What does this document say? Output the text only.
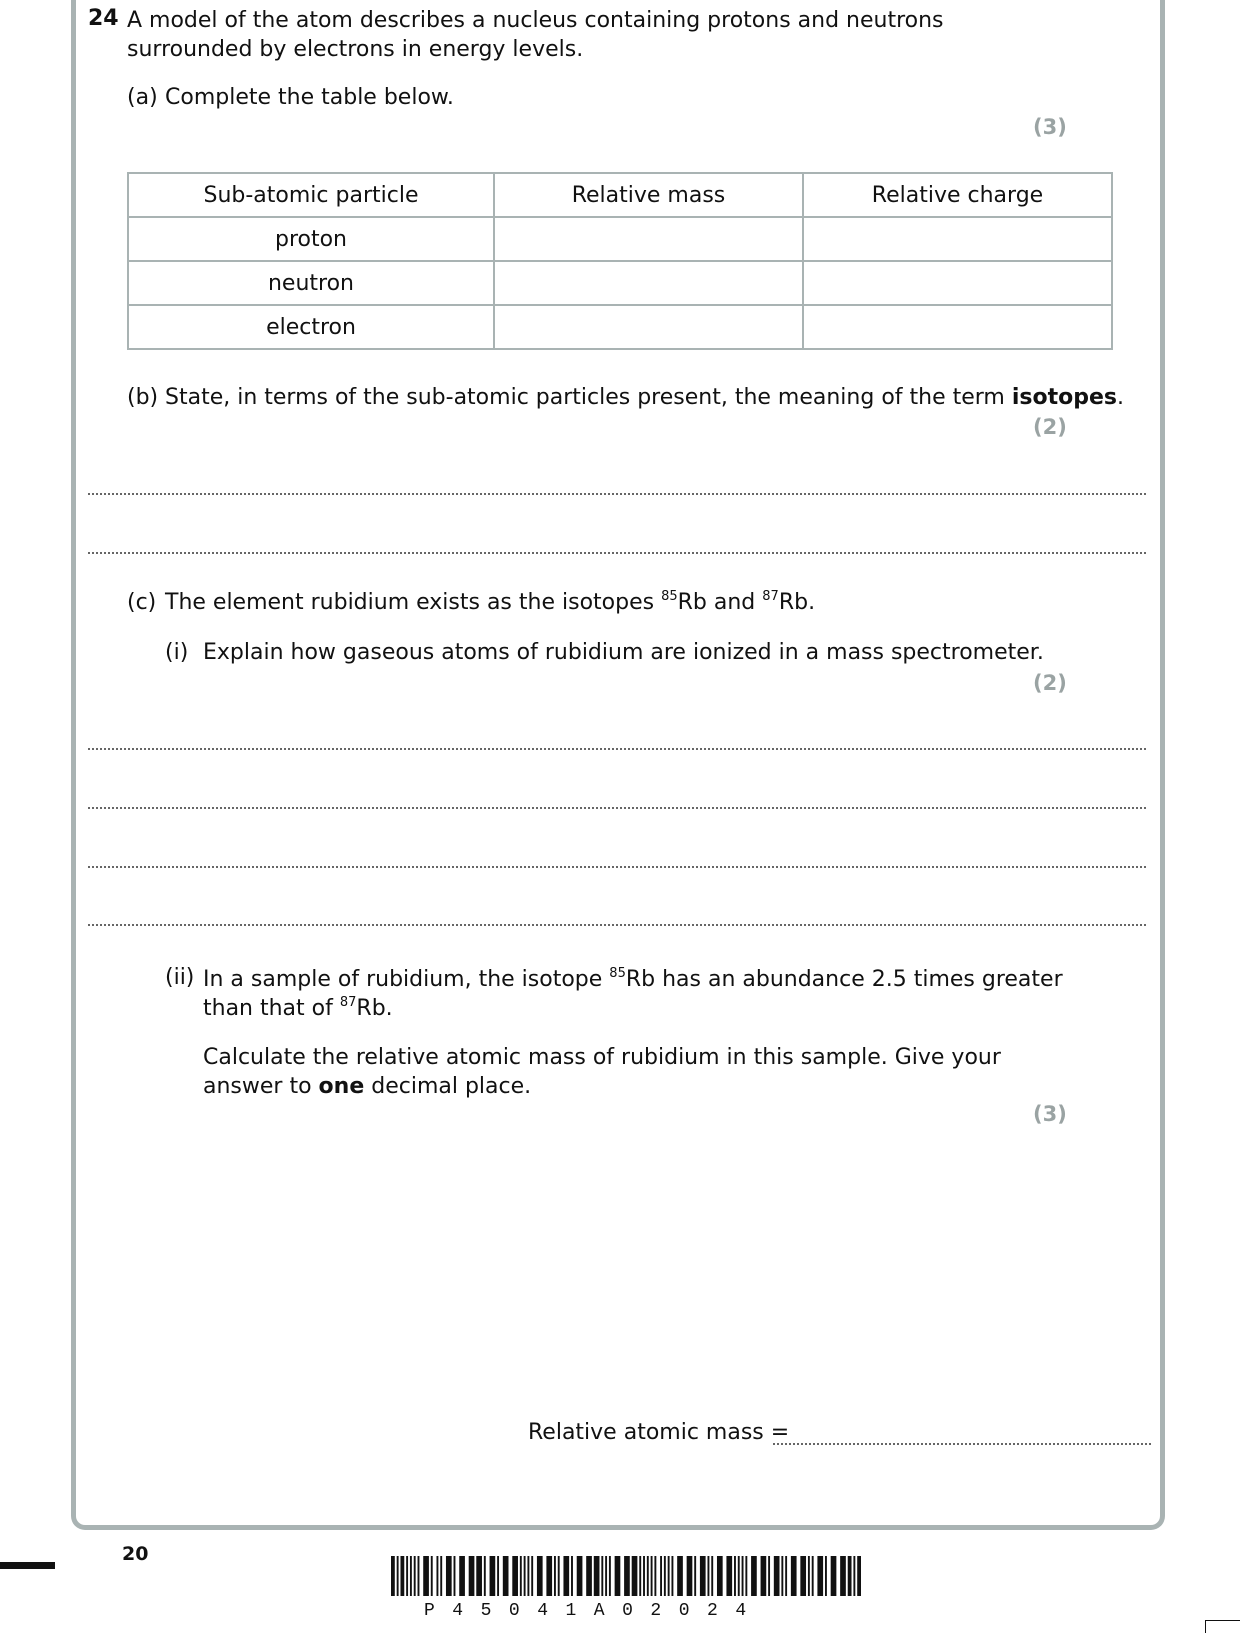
24 A model of the atom describes a nucleus containing protons and neutrons
surrounded by electrons in energy levels.
(a) Complete the table below.
(3)
Sub-atomic particle	Relative mass	Relative charge
proton		
neutron		
electron		
(b) State, in terms of the sub-atomic particles present, the meaning of the term isotopes.
(2)
(c) The element rubidium exists as the isotopes $^{85}$Rb and $^{87}$Rb.
(i) Explain how gaseous atoms of rubidium are ionized in a mass spectrometer.
(2)
(ii) In a sample of rubidium, the isotope $^{85}$Rb has an abundance 2.5 times greater
than that of $^{87}$Rb.
Calculate the relative atomic mass of rubidium in this sample. Give your
answer to one decimal place.
(3)
Relative atomic mass =
20
P45041A02024
